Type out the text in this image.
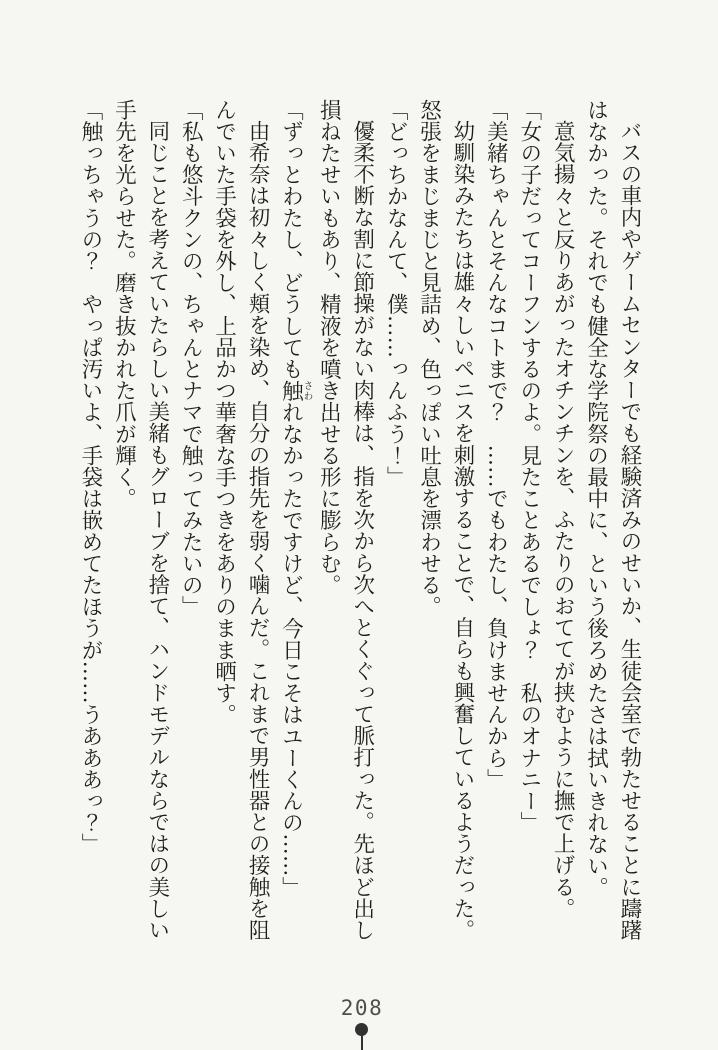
バスの車内やゲームセンターでも経験済みのせいか、生徒会室で勃たせることに躊躇はなかった。それでも健全な学院祭の最中に、という後ろめたさは拭いきれない。

意気揚々と反りあがったオチンチンを、ふたりのおててが挟むように撫で上げる。

「女の子だってコーフンするのよ。見たことあるでしょ？　私のオナニー」

「美緒ちゃんとそんなコトまで？　……でもわたし、負けませんから」

幼馴染みたちは雄々しいペニスを刺激することで、自らも興奮しているようだった。怒張をまじまじと見詰め、色っぽい吐息を漂わせる。

「どっちかなんて、僕……っんふう！」

優柔不断な割に節操がない肉棒は、指を次から次へとくぐって脈打った。先ほど出し損ねたせいもあり、精液を噴き出せる形に膨らむ。

「ずっとわたし、どうしても触さわれなかったですけど、今日こそはユーくんの……」

由希奈は初々しく頬を染め、自分の指先を弱く噛んだ。これまで男性器との接触を阻んでいた手袋を外し、上品かつ華奢な手つきをありのまま晒す。

「私も悠斗クンの、ちゃんとナマで触ってみたいの」

同じことを考えていたらしい美緒もグローブを捨て、ハンドモデルならではの美しい手先を光らせた。磨き抜かれた爪が輝く。

「触っちゃうの？　やっぱ汚いよ、手袋は嵌めてたほうが……うあああっ？」

208
